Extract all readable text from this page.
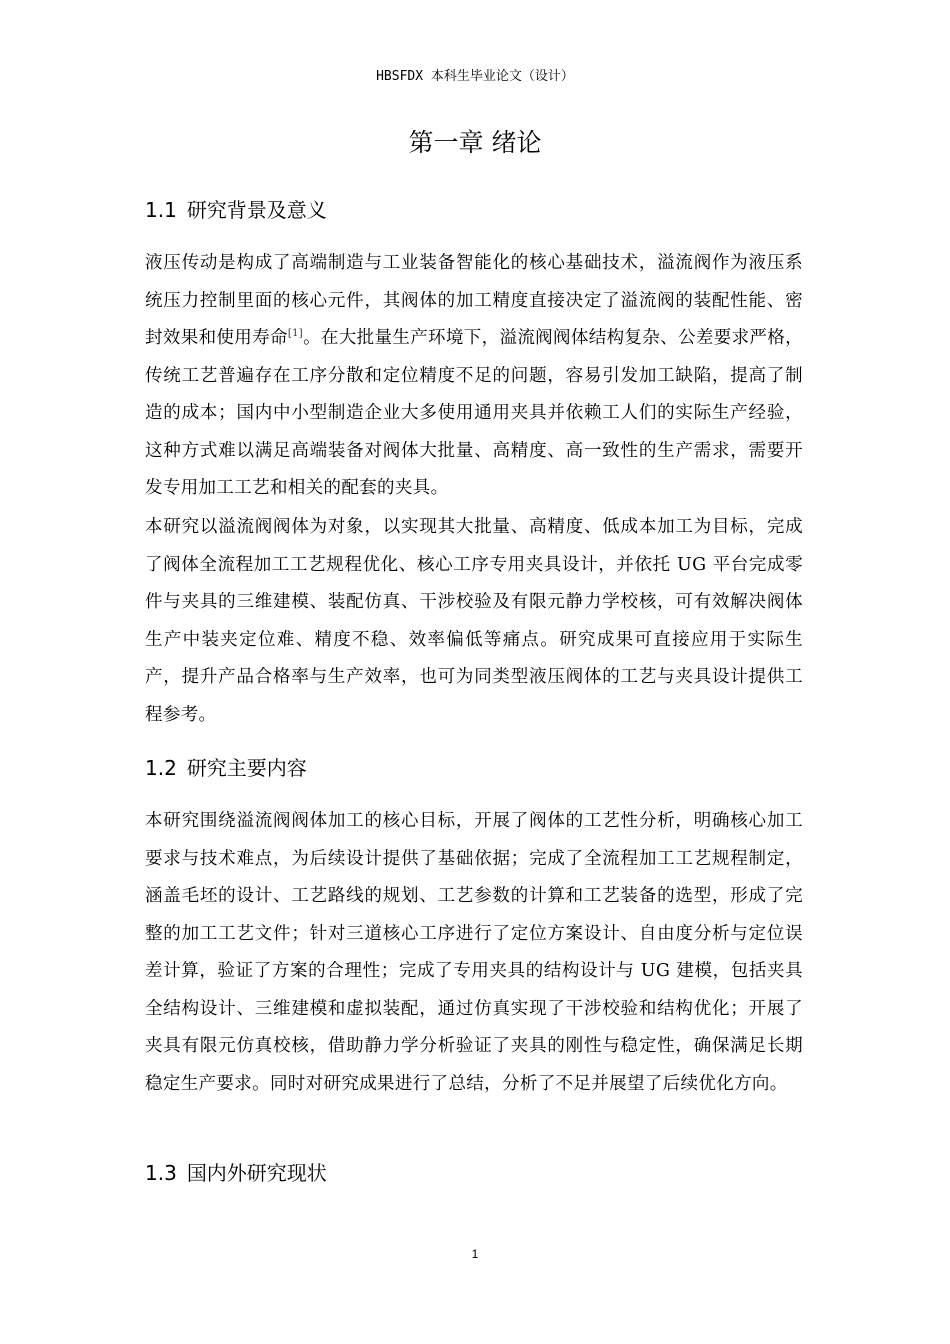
HBSFDX 本科生毕业论文（设计）
第一章 绪论
1.1 研究背景及意义

液压传动是构成了高端制造与工业装备智能化的核心基础技术，溢流阀作为液压系统压力控制里面的核心元件，其阀体的加工精度直接决定了溢流阀的装配性能、密封效果和使用寿命[1]。在大批量生产环境下，溢流阀阀体结构复杂、公差要求严格，传统工艺普遍存在工序分散和定位精度不足的问题，容易引发加工缺陷，提高了制造的成本；国内中小型制造企业大多使用通用夹具并依赖工人们的实际生产经验，这种方式难以满足高端装备对阀体大批量、高精度、高一致性的生产需求，需要开发专用加工工艺和相关的配套的夹具。

本研究以溢流阀阀体为对象，以实现其大批量、高精度、低成本加工为目标，完成了阀体全流程加工工艺规程优化、核心工序专用夹具设计，并依托 UG 平台完成零件与夹具的三维建模、装配仿真、干涉校验及有限元静力学校核，可有效解决阀体生产中装夹定位难、精度不稳、效率偏低等痛点。研究成果可直接应用于实际生产，提升产品合格率与生产效率，也可为同类型液压阀体的工艺与夹具设计提供工程参考。

1.2 研究主要内容

本研究围绕溢流阀阀体加工的核心目标，开展了阀体的工艺性分析，明确核心加工要求与技术难点，为后续设计提供了基础依据；完成了全流程加工工艺规程制定，涵盖毛坯的设计、工艺路线的规划、工艺参数的计算和工艺装备的选型，形成了完整的加工工艺文件；针对三道核心工序进行了定位方案设计、自由度分析与定位误差计算，验证了方案的合理性；完成了专用夹具的结构设计与 UG 建模，包括夹具全结构设计、三维建模和虚拟装配，通过仿真实现了干涉校验和结构优化；开展了夹具有限元仿真校核，借助静力学分析验证了夹具的刚性与稳定性，确保满足长期稳定生产要求。同时对研究成果进行了总结，分析了不足并展望了后续优化方向。

1.3 国内外研究现状
1
